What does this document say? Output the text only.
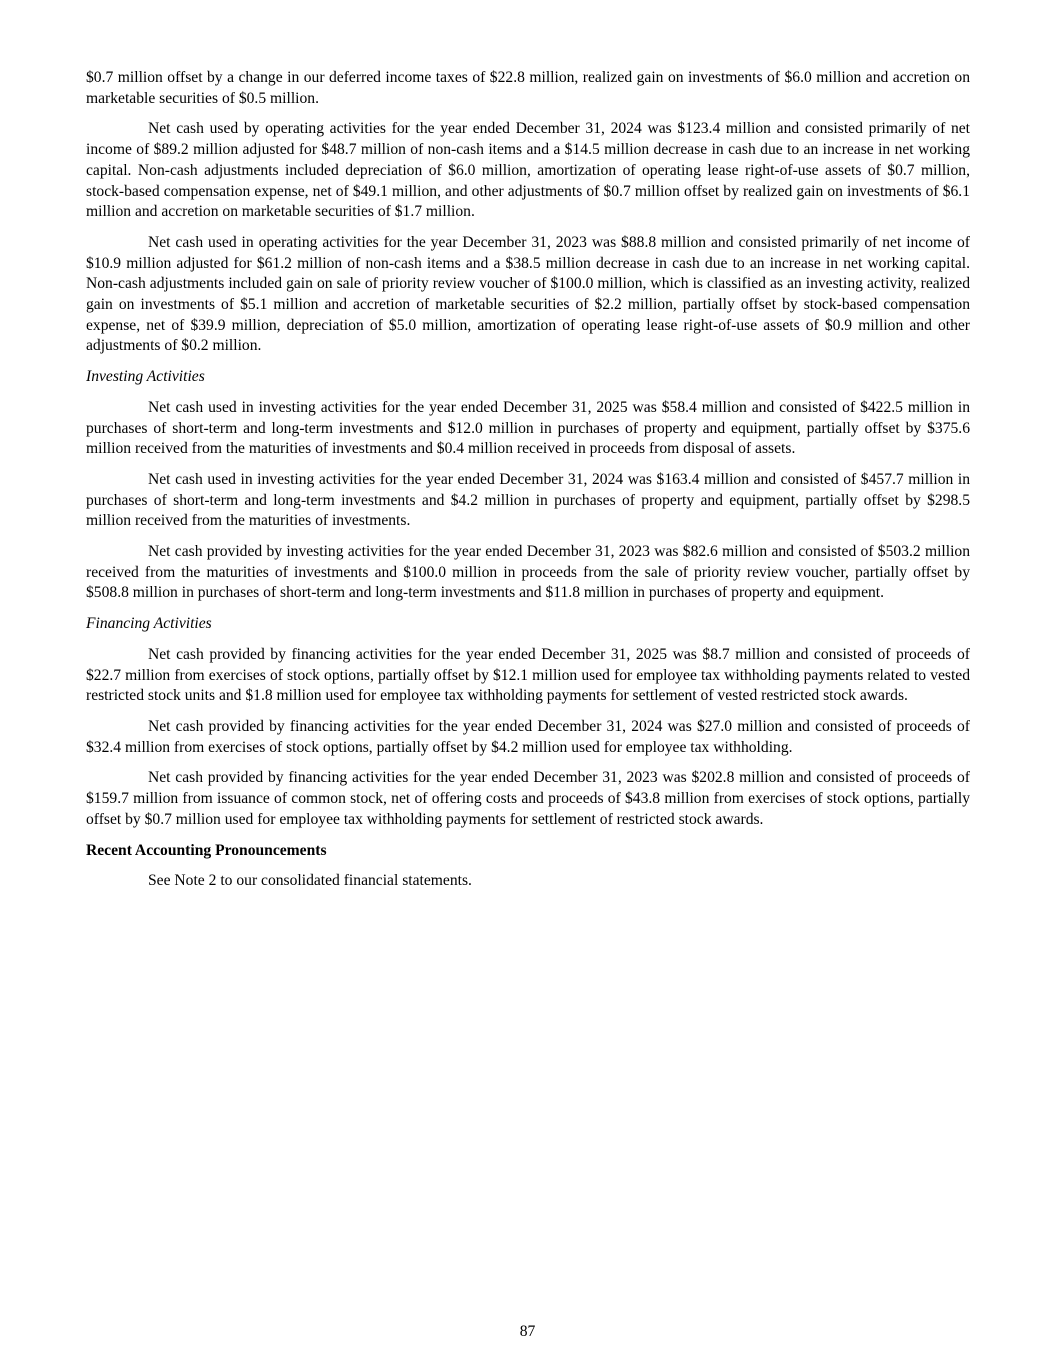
$0.7 million offset by a change in our deferred income taxes of $22.8 million, realized gain on investments of $6.0 million and accretion on marketable securities of $0.5 million.

Net cash used by operating activities for the year ended December 31, 2024 was $123.4 million and consisted primarily of net income of $89.2 million adjusted for $48.7 million of non-cash items and a $14.5 million decrease in cash due to an increase in net working capital. Non-cash adjustments included depreciation of $6.0 million, amortization of operating lease right-of-use assets of $0.7 million, stock-based compensation expense, net of $49.1 million, and other adjustments of $0.7 million offset by realized gain on investments of $6.1 million and accretion on marketable securities of $1.7 million.

Net cash used in operating activities for the year December 31, 2023 was $88.8 million and consisted primarily of net income of $10.9 million adjusted for $61.2 million of non-cash items and a $38.5 million decrease in cash due to an increase in net working capital. Non-cash adjustments included gain on sale of priority review voucher of $100.0 million, which is classified as an investing activity, realized gain on investments of $5.1 million and accretion of marketable securities of $2.2 million, partially offset by stock-based compensation expense, net of $39.9 million, depreciation of $5.0 million, amortization of operating lease right-of-use assets of $0.9 million and other adjustments of $0.2 million.

Investing Activities

Net cash used in investing activities for the year ended December 31, 2025 was $58.4 million and consisted of $422.5 million in purchases of short-term and long-term investments and $12.0 million in purchases of property and equipment, partially offset by $375.6 million received from the maturities of investments and $0.4 million received in proceeds from disposal of assets.

Net cash used in investing activities for the year ended December 31, 2024 was $163.4 million and consisted of $457.7 million in purchases of short-term and long-term investments and $4.2 million in purchases of property and equipment, partially offset by $298.5 million received from the maturities of investments.

Net cash provided by investing activities for the year ended December 31, 2023 was $82.6 million and consisted of $503.2 million received from the maturities of investments and $100.0 million in proceeds from the sale of priority review voucher, partially offset by $508.8 million in purchases of short-term and long-term investments and $11.8 million in purchases of property and equipment.

Financing Activities

Net cash provided by financing activities for the year ended December 31, 2025 was $8.7 million and consisted of proceeds of $22.7 million from exercises of stock options, partially offset by $12.1 million used for employee tax withholding payments related to vested restricted stock units and $1.8 million used for employee tax withholding payments for settlement of vested restricted stock awards.

Net cash provided by financing activities for the year ended December 31, 2024 was $27.0 million and consisted of proceeds of $32.4 million from exercises of stock options, partially offset by $4.2 million used for employee tax withholding.

Net cash provided by financing activities for the year ended December 31, 2023 was $202.8 million and consisted of proceeds of $159.7 million from issuance of common stock, net of offering costs and proceeds of $43.8 million from exercises of stock options, partially offset by $0.7 million used for employee tax withholding payments for settlement of restricted stock awards.

Recent Accounting Pronouncements

See Note 2 to our consolidated financial statements.

87
